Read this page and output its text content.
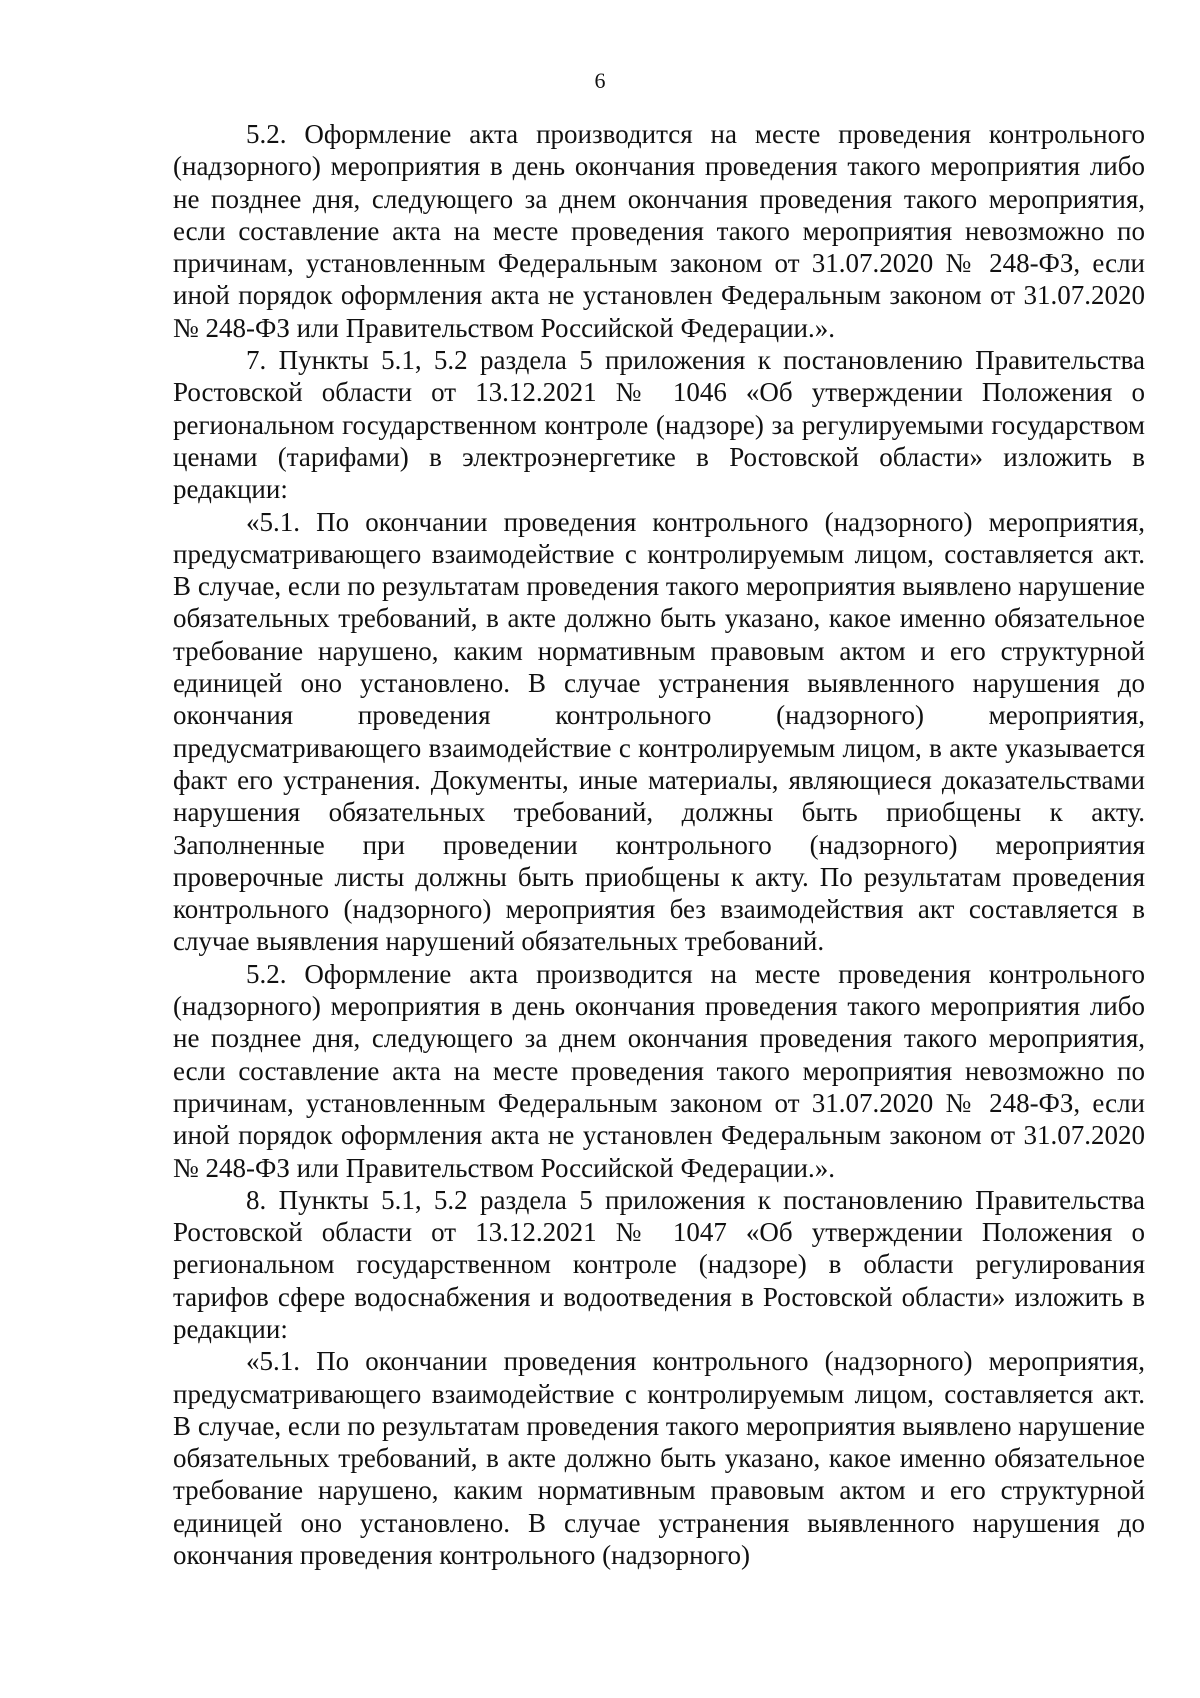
6

5.2. Оформление акта производится на месте проведения контрольного (надзорного) мероприятия в день окончания проведения такого мероприятия либо не позднее дня, следующего за днем окончания проведения такого мероприятия, если составление акта на месте проведения такого мероприятия невозможно по причинам, установленным Федеральным законом от 31.07.2020 № 248-ФЗ, если иной порядок оформления акта не установлен Федеральным законом от 31.07.2020 № 248-ФЗ или Правительством Российской Федерации.».

7. Пункты 5.1, 5.2 раздела 5 приложения к постановлению Правительства Ростовской области от 13.12.2021 № 1046 «Об утверждении Положения о региональном государственном контроле (надзоре) за регулируемыми государством ценами (тарифами) в электроэнергетике в Ростовской области» изложить в редакции:

«5.1. По окончании проведения контрольного (надзорного) мероприятия, предусматривающего взаимодействие с контролируемым лицом, составляется акт. В случае, если по результатам проведения такого мероприятия выявлено нарушение обязательных требований, в акте должно быть указано, какое именно обязательное требование нарушено, каким нормативным правовым актом и его структурной единицей оно установлено. В случае устранения выявленного нарушения до окончания проведения контрольного (надзорного) мероприятия, предусматривающего взаимодействие с контролируемым лицом, в акте указывается факт его устранения. Документы, иные материалы, являющиеся доказательствами нарушения обязательных требований, должны быть приобщены к акту. Заполненные при проведении контрольного (надзорного) мероприятия проверочные листы должны быть приобщены к акту. По результатам проведения контрольного (надзорного) мероприятия без взаимодействия акт составляется в случае выявления нарушений обязательных требований.

5.2. Оформление акта производится на месте проведения контрольного (надзорного) мероприятия в день окончания проведения такого мероприятия либо не позднее дня, следующего за днем окончания проведения такого мероприятия, если составление акта на месте проведения такого мероприятия невозможно по причинам, установленным Федеральным законом от 31.07.2020 № 248-ФЗ, если иной порядок оформления акта не установлен Федеральным законом от 31.07.2020 № 248-ФЗ или Правительством Российской Федерации.».

8. Пункты 5.1, 5.2 раздела 5 приложения к постановлению Правительства Ростовской области от 13.12.2021 № 1047 «Об утверждении Положения о региональном государственном контроле (надзоре) в области регулирования тарифов сфере водоснабжения и водоотведения в Ростовской области» изложить в редакции:

«5.1. По окончании проведения контрольного (надзорного) мероприятия, предусматривающего взаимодействие с контролируемым лицом, составляется акт. В случае, если по результатам проведения такого мероприятия выявлено нарушение обязательных требований, в акте должно быть указано, какое именно обязательное требование нарушено, каким нормативным правовым актом и его структурной единицей оно установлено. В случае устранения выявленного нарушения до окончания проведения контрольного (надзорного)
